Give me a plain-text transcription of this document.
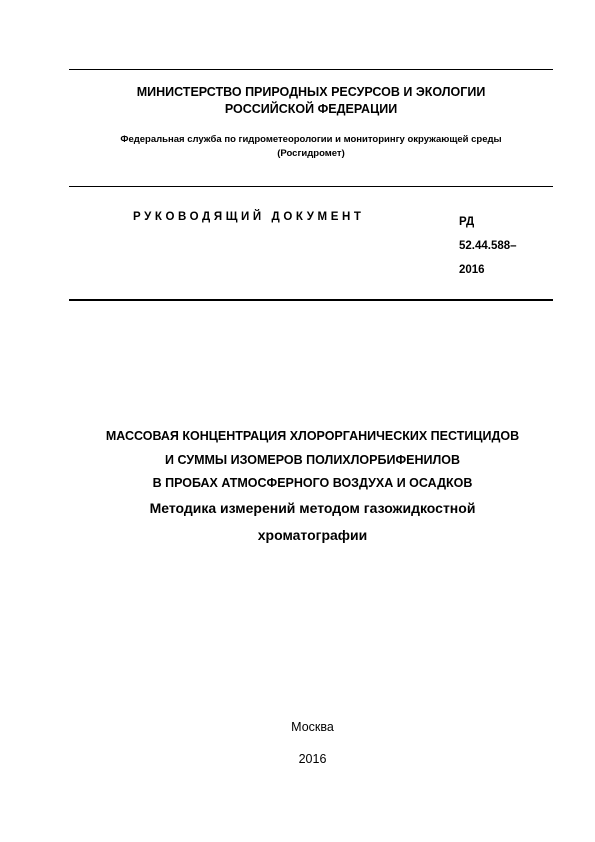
МИНИСТЕРСТВО ПРИРОДНЫХ РЕСУРСОВ И ЭКОЛОГИИ
РОССИЙСКОЙ ФЕДЕРАЦИИ
Федеральная служба по гидрометеорологии и мониторингу окружающей среды
(Росгидромет)
РУКОВОДЯЩИЙ ДОКУМЕНТ	РД
52.44.588–
2016
МАССОВАЯ КОНЦЕНТРАЦИЯ ХЛОРОРГАНИЧЕСКИХ ПЕСТИЦИДОВ
И СУММЫ ИЗОМЕРОВ ПОЛИХЛОРБИФЕНИЛОВ
В ПРОБАХ АТМОСФЕРНОГО ВОЗДУХА И ОСАДКОВ
Методика измерений методом газожидкостной
хроматографии
Москва
2016
